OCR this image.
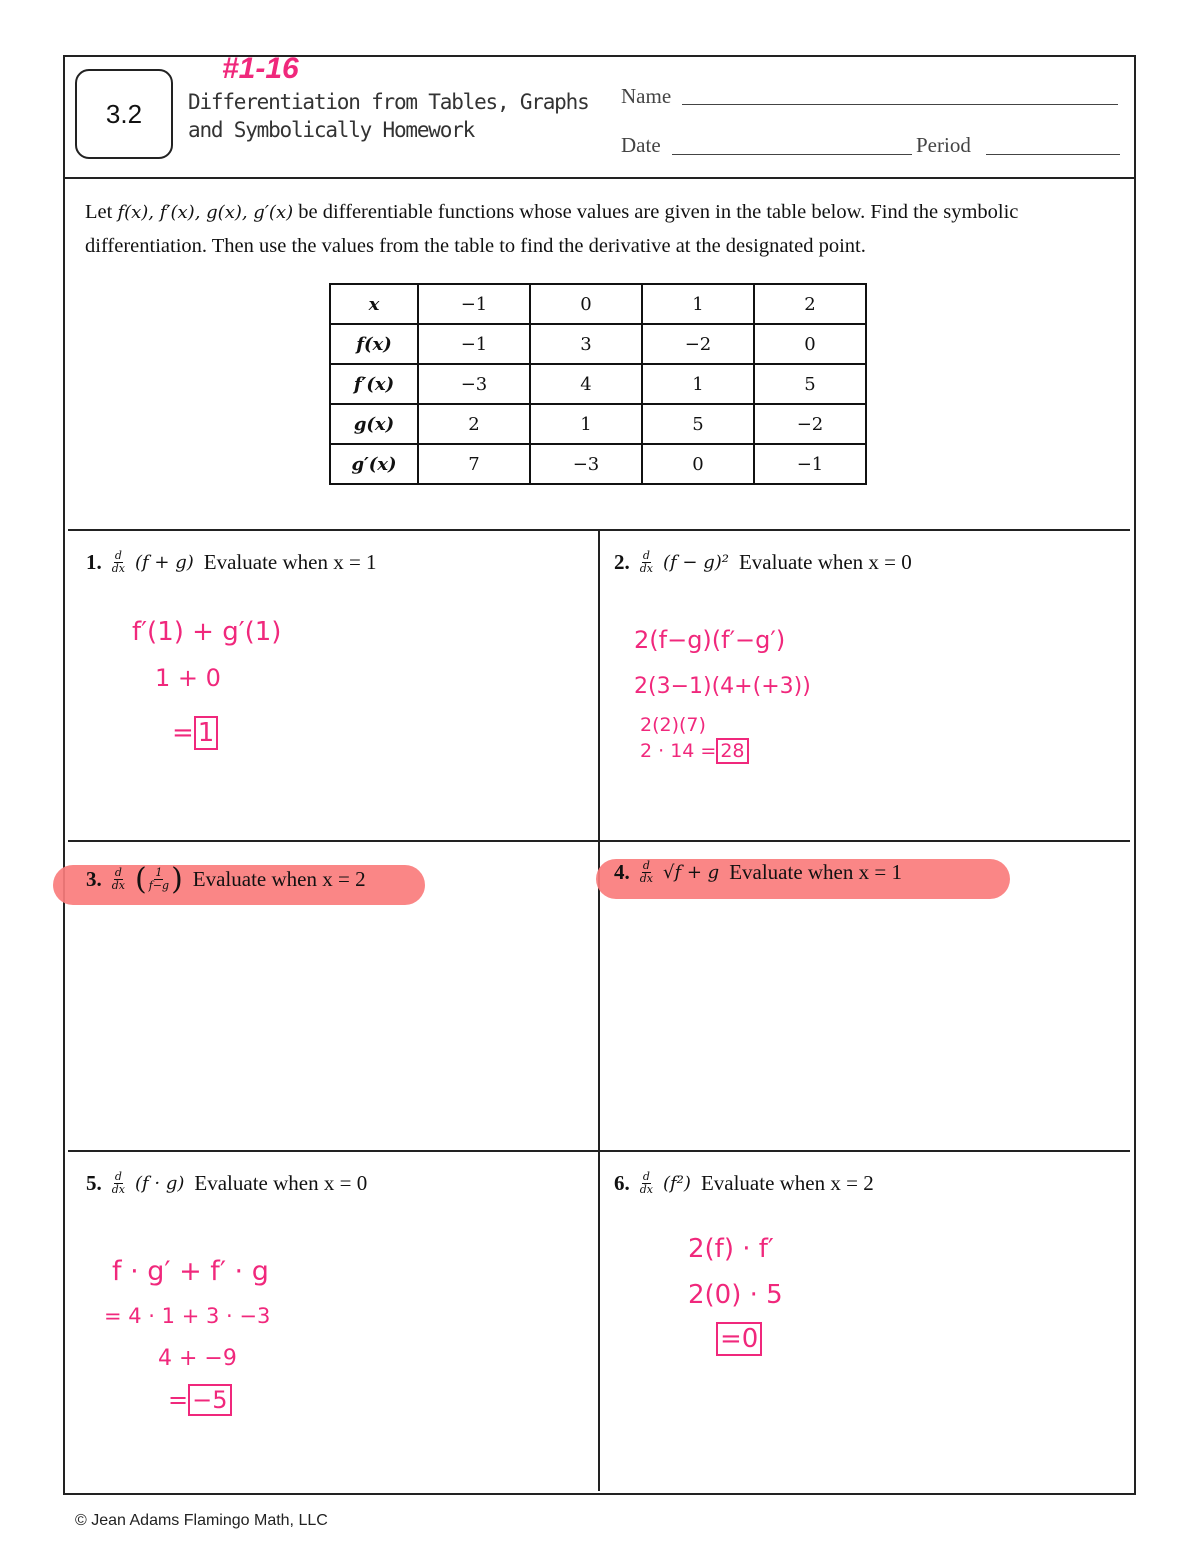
3.2
#1-16
Differentiation from Tables, Graphs
and Symbolically Homework
Name
Date	Period
Let f(x), f′(x), g(x), g′(x) be differentiable functions whose values are given in the table below. Find the symbolic differentiation. Then use the values from the table to find the derivative at the designated point.
x	−1	0	1	2
f(x)	−1	3	−2	0
f′(x)	−3	4	1	5
g(x)	2	1	5	−2
g′(x)	7	−3	0	−1
1. $\frac{d}{dx} (f + g)$ Evaluate when x = 1
f′(1) + g′(1)
1 + 0
= 1
2. $\frac{d}{dx} (f - g)^2$ Evaluate when x = 0
2(f−g)(f′−g′)
2(3−1)(4+(+3))
2(2)(7)
2 · 14 = 28
3. $\frac{d}{dx}$ ( $\frac{1}{f-g}$ ) Evaluate when x = 2	4. $\frac{d}{dx} √f + g$ Evaluate when x = 1
5. $\frac{d}{dx} (f \cdot g)$ Evaluate when x = 0
f · g′ + f′ · g
= 4 · 1 + 3 · −3
4 + −9
= −5
6. $\frac{d}{dx} (f^2)$ Evaluate when x = 2
2(f) · f′
2(0) · 5
=0
© Jean Adams Flamingo Math, LLC
